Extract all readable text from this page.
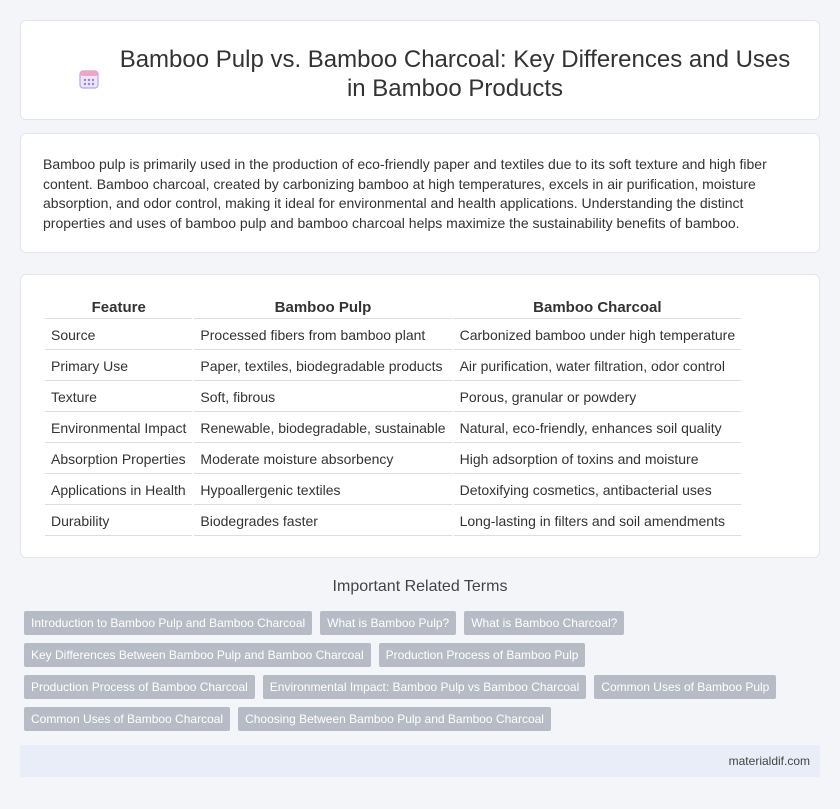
Bamboo Pulp vs. Bamboo Charcoal: Key Differences and Uses in Bamboo Products

Bamboo pulp is primarily used in the production of eco-friendly paper and textiles due to its soft texture and high fiber content. Bamboo charcoal, created by carbonizing bamboo at high temperatures, excels in air purification, moisture absorption, and odor control, making it ideal for environmental and health applications. Understanding the distinct properties and uses of bamboo pulp and bamboo charcoal helps maximize the sustainability benefits of bamboo.

Feature	Bamboo Pulp	Bamboo Charcoal
Source	Processed fibers from bamboo plant	Carbonized bamboo under high temperature
Primary Use	Paper, textiles, biodegradable products	Air purification, water filtration, odor control
Texture	Soft, fibrous	Porous, granular or powdery
Environmental Impact	Renewable, biodegradable, sustainable	Natural, eco-friendly, enhances soil quality
Absorption Properties	Moderate moisture absorbency	High adsorption of toxins and moisture
Applications in Health	Hypoallergenic textiles	Detoxifying cosmetics, antibacterial uses
Durability	Biodegrades faster	Long-lasting in filters and soil amendments
Important Related Terms
Introduction to Bamboo Pulp and Bamboo Charcoal	What is Bamboo Pulp?	What is Bamboo Charcoal?
Key Differences Between Bamboo Pulp and Bamboo Charcoal	Production Process of Bamboo Pulp
Production Process of Bamboo Charcoal	Environmental Impact: Bamboo Pulp vs Bamboo Charcoal	Common Uses of Bamboo Pulp
Common Uses of Bamboo Charcoal	Choosing Between Bamboo Pulp and Bamboo Charcoal
materialdif.com
